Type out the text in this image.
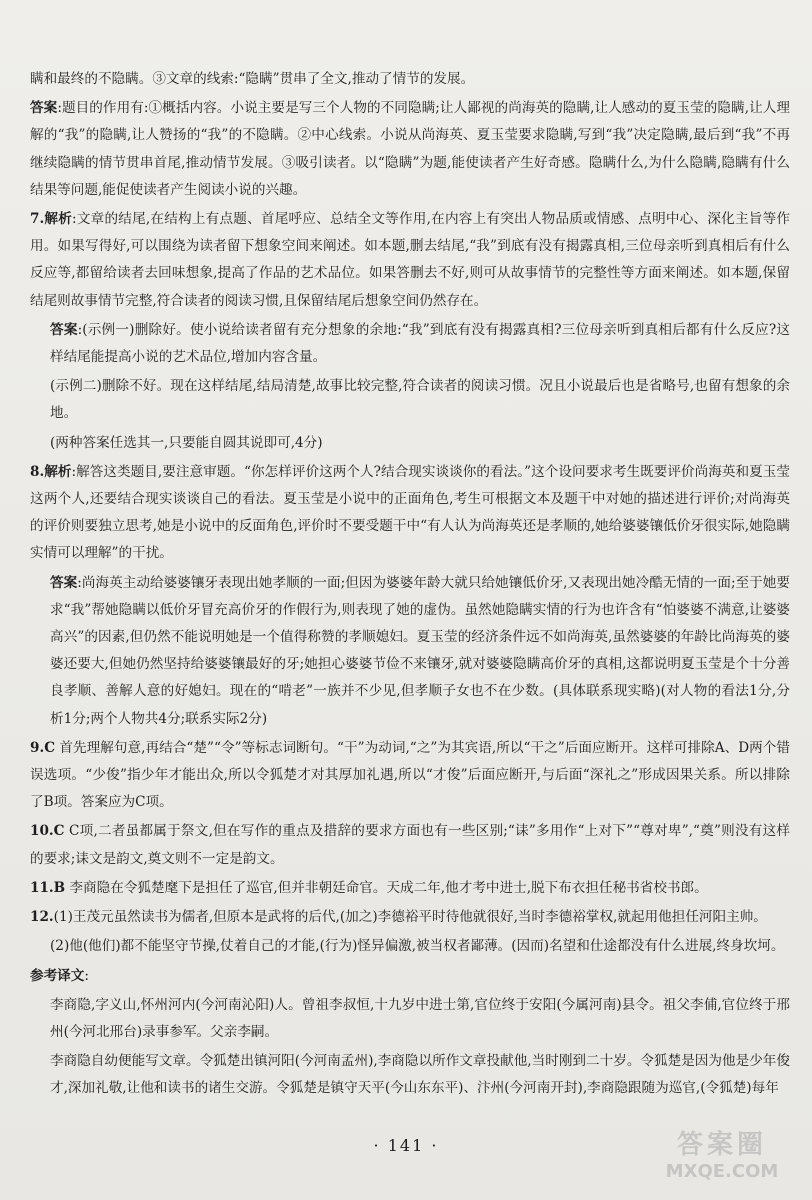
瞒和最终的不隐瞒。③文章的线索:“隐瞒”贯串了全文,推动了情节的发展。

答案:题目的作用有:①概括内容。小说主要是写三个人物的不同隐瞒;让人鄙视的尚海英的隐瞒,让人感动的夏玉莹的隐瞒,让人理解的“我”的隐瞒,让人赞扬的“我”的不隐瞒。②中心线索。小说从尚海英、夏玉莹要求隐瞒,写到“我”决定隐瞒,最后到“我”不再继续隐瞒的情节贯串首尾,推动情节发展。③吸引读者。以“隐瞒”为题,能使读者产生好奇感。隐瞒什么,为什么隐瞒,隐瞒有什么结果等问题,能促使读者产生阅读小说的兴趣。

7.解析:文章的结尾,在结构上有点题、首尾呼应、总结全文等作用,在内容上有突出人物品质或情感、点明中心、深化主旨等作用。如果写得好,可以围绕为读者留下想象空间来阐述。如本题,删去结尾,“我”到底有没有揭露真相,三位母亲听到真相后有什么反应等,都留给读者去回味想象,提高了作品的艺术品位。如果答删去不好,则可从故事情节的完整性等方面来阐述。如本题,保留结尾则故事情节完整,符合读者的阅读习惯,且保留结尾后想象空间仍然存在。

答案:(示例一)删除好。使小说给读者留有充分想象的余地:“我”到底有没有揭露真相?三位母亲听到真相后都有什么反应?这样结尾能提高小说的艺术品位,增加内容含量。

(示例二)删除不好。现在这样结尾,结局清楚,故事比较完整,符合读者的阅读习惯。况且小说最后也是省略号,也留有想象的余地。

(两种答案任选其一,只要能自圆其说即可,4分)

8.解析:解答这类题目,要注意审题。“你怎样评价这两个人?结合现实谈谈你的看法。”这个设问要求考生既要评价尚海英和夏玉莹这两个人,还要结合现实谈谈自己的看法。夏玉莹是小说中的正面角色,考生可根据文本及题干中对她的描述进行评价;对尚海英的评价则要独立思考,她是小说中的反面角色,评价时不要受题干中“有人认为尚海英还是孝顺的,她给婆婆镶低价牙很实际,她隐瞒实情可以理解”的干扰。

答案:尚海英主动给婆婆镶牙表现出她孝顺的一面;但因为婆婆年龄大就只给她镶低价牙,又表现出她冷酷无情的一面;至于她要求“我”帮她隐瞒以低价牙冒充高价牙的作假行为,则表现了她的虚伪。虽然她隐瞒实情的行为也许含有“怕婆婆不满意,让婆婆高兴”的因素,但仍然不能说明她是一个值得称赞的孝顺媳妇。夏玉莹的经济条件远不如尚海英,虽然婆婆的年龄比尚海英的婆婆还要大,但她仍然坚持给婆婆镶最好的牙;她担心婆婆节俭不来镶牙,就对婆婆隐瞒高价牙的真相,这都说明夏玉莹是个十分善良孝顺、善解人意的好媳妇。现在的“啃老”一族并不少见,但孝顺子女也不在少数。(具体联系现实略)(对人物的看法1分,分析1分;两个人物共4分;联系实际2分)

9.C 首先理解句意,再结合“楚”“令”等标志词断句。“干”为动词,“之”为其宾语,所以“干之”后面应断开。这样可排除A、D两个错误选项。“少俊”指少年才能出众,所以令狐楚才对其厚加礼遇,所以“才俊”后面应断开,与后面“深礼之”形成因果关系。所以排除了B项。答案应为C项。

10.C C项,二者虽都属于祭文,但在写作的重点及措辞的要求方面也有一些区别;“诔”多用作“上对下”“尊对卑”,“奠”则没有这样的要求;诔文是韵文,奠文则不一定是韵文。

11.B 李商隐在令狐楚麾下是担任了巡官,但并非朝廷命官。天成二年,他才考中进士,脱下布衣担任秘书省校书郎。

12.(1)王茂元虽然读书为儒者,但原本是武将的后代,(加之)李德裕平时待他就很好,当时李德裕掌权,就起用他担任河阳主帅。

(2)他(他们)都不能坚守节操,仗着自己的才能,(行为)怪异偏激,被当权者鄙薄。(因而)名望和仕途都没有什么进展,终身坎坷。

参考译文:

李商隐,字义山,怀州河内(今河南沁阳)人。曾祖李叔恒,十九岁中进士第,官位终于安阳(今属河南)县令。祖父李俌,官位终于邢州(今河北邢台)录事参军。父亲李嗣。

李商隐自幼便能写文章。令狐楚出镇河阳(今河南孟州),李商隐以所作文章投献他,当时刚到二十岁。令狐楚是因为他是少年俊才,深加礼敬,让他和读书的诸生交游。令狐楚是镇守天平(今山东东平)、汴州(今河南开封),李商隐跟随为巡官,(令狐楚)每年

· 141 ·	答案圈
MXQE.COM
